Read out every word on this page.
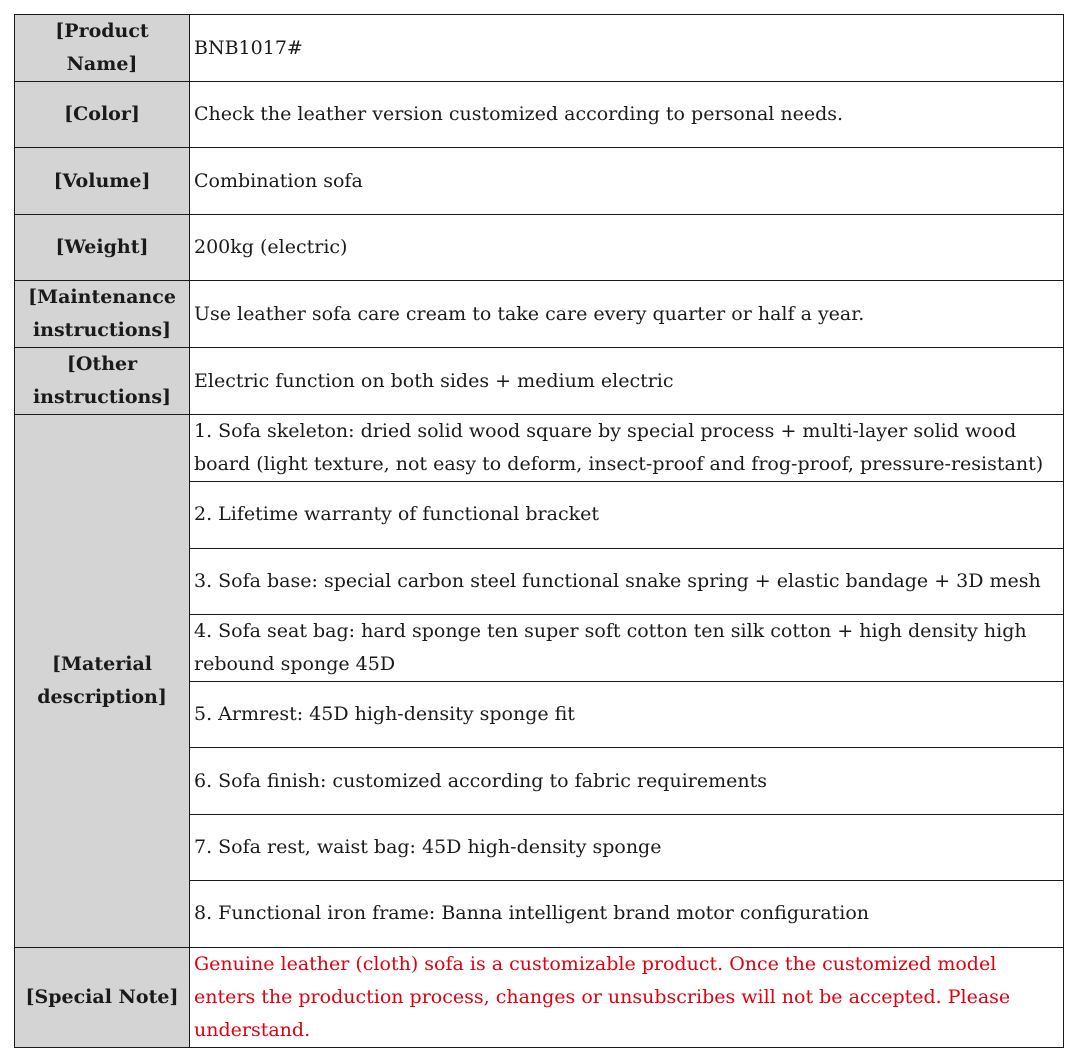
[Product Name]	BNB1017#
[Color]	Check the leather version customized according to personal needs.
[Volume]	Combination sofa
[Weight]	200kg (electric)
[Maintenance instructions]	Use leather sofa care cream to take care every quarter or half a year.
[Other instructions]	Electric function on both sides + medium electric
[Material description]	1. Sofa skeleton: dried solid wood square by special process + multi-layer solid wood board (light texture, not easy to deform, insect-proof and frog-proof, pressure-resistant)
	2. Lifetime warranty of functional bracket
	3. Sofa base: special carbon steel functional snake spring + elastic bandage + 3D mesh
	4. Sofa seat bag: hard sponge ten super soft cotton ten silk cotton + high density high rebound sponge 45D
	5. Armrest: 45D high-density sponge fit
	6. Sofa finish: customized according to fabric requirements
	7. Sofa rest, waist bag: 45D high-density sponge
	8. Functional iron frame: Banna intelligent brand motor configuration
[Special Note]	Genuine leather (cloth) sofa is a customizable product. Once the customized model enters the production process, changes or unsubscribes will not be accepted. Please understand.
